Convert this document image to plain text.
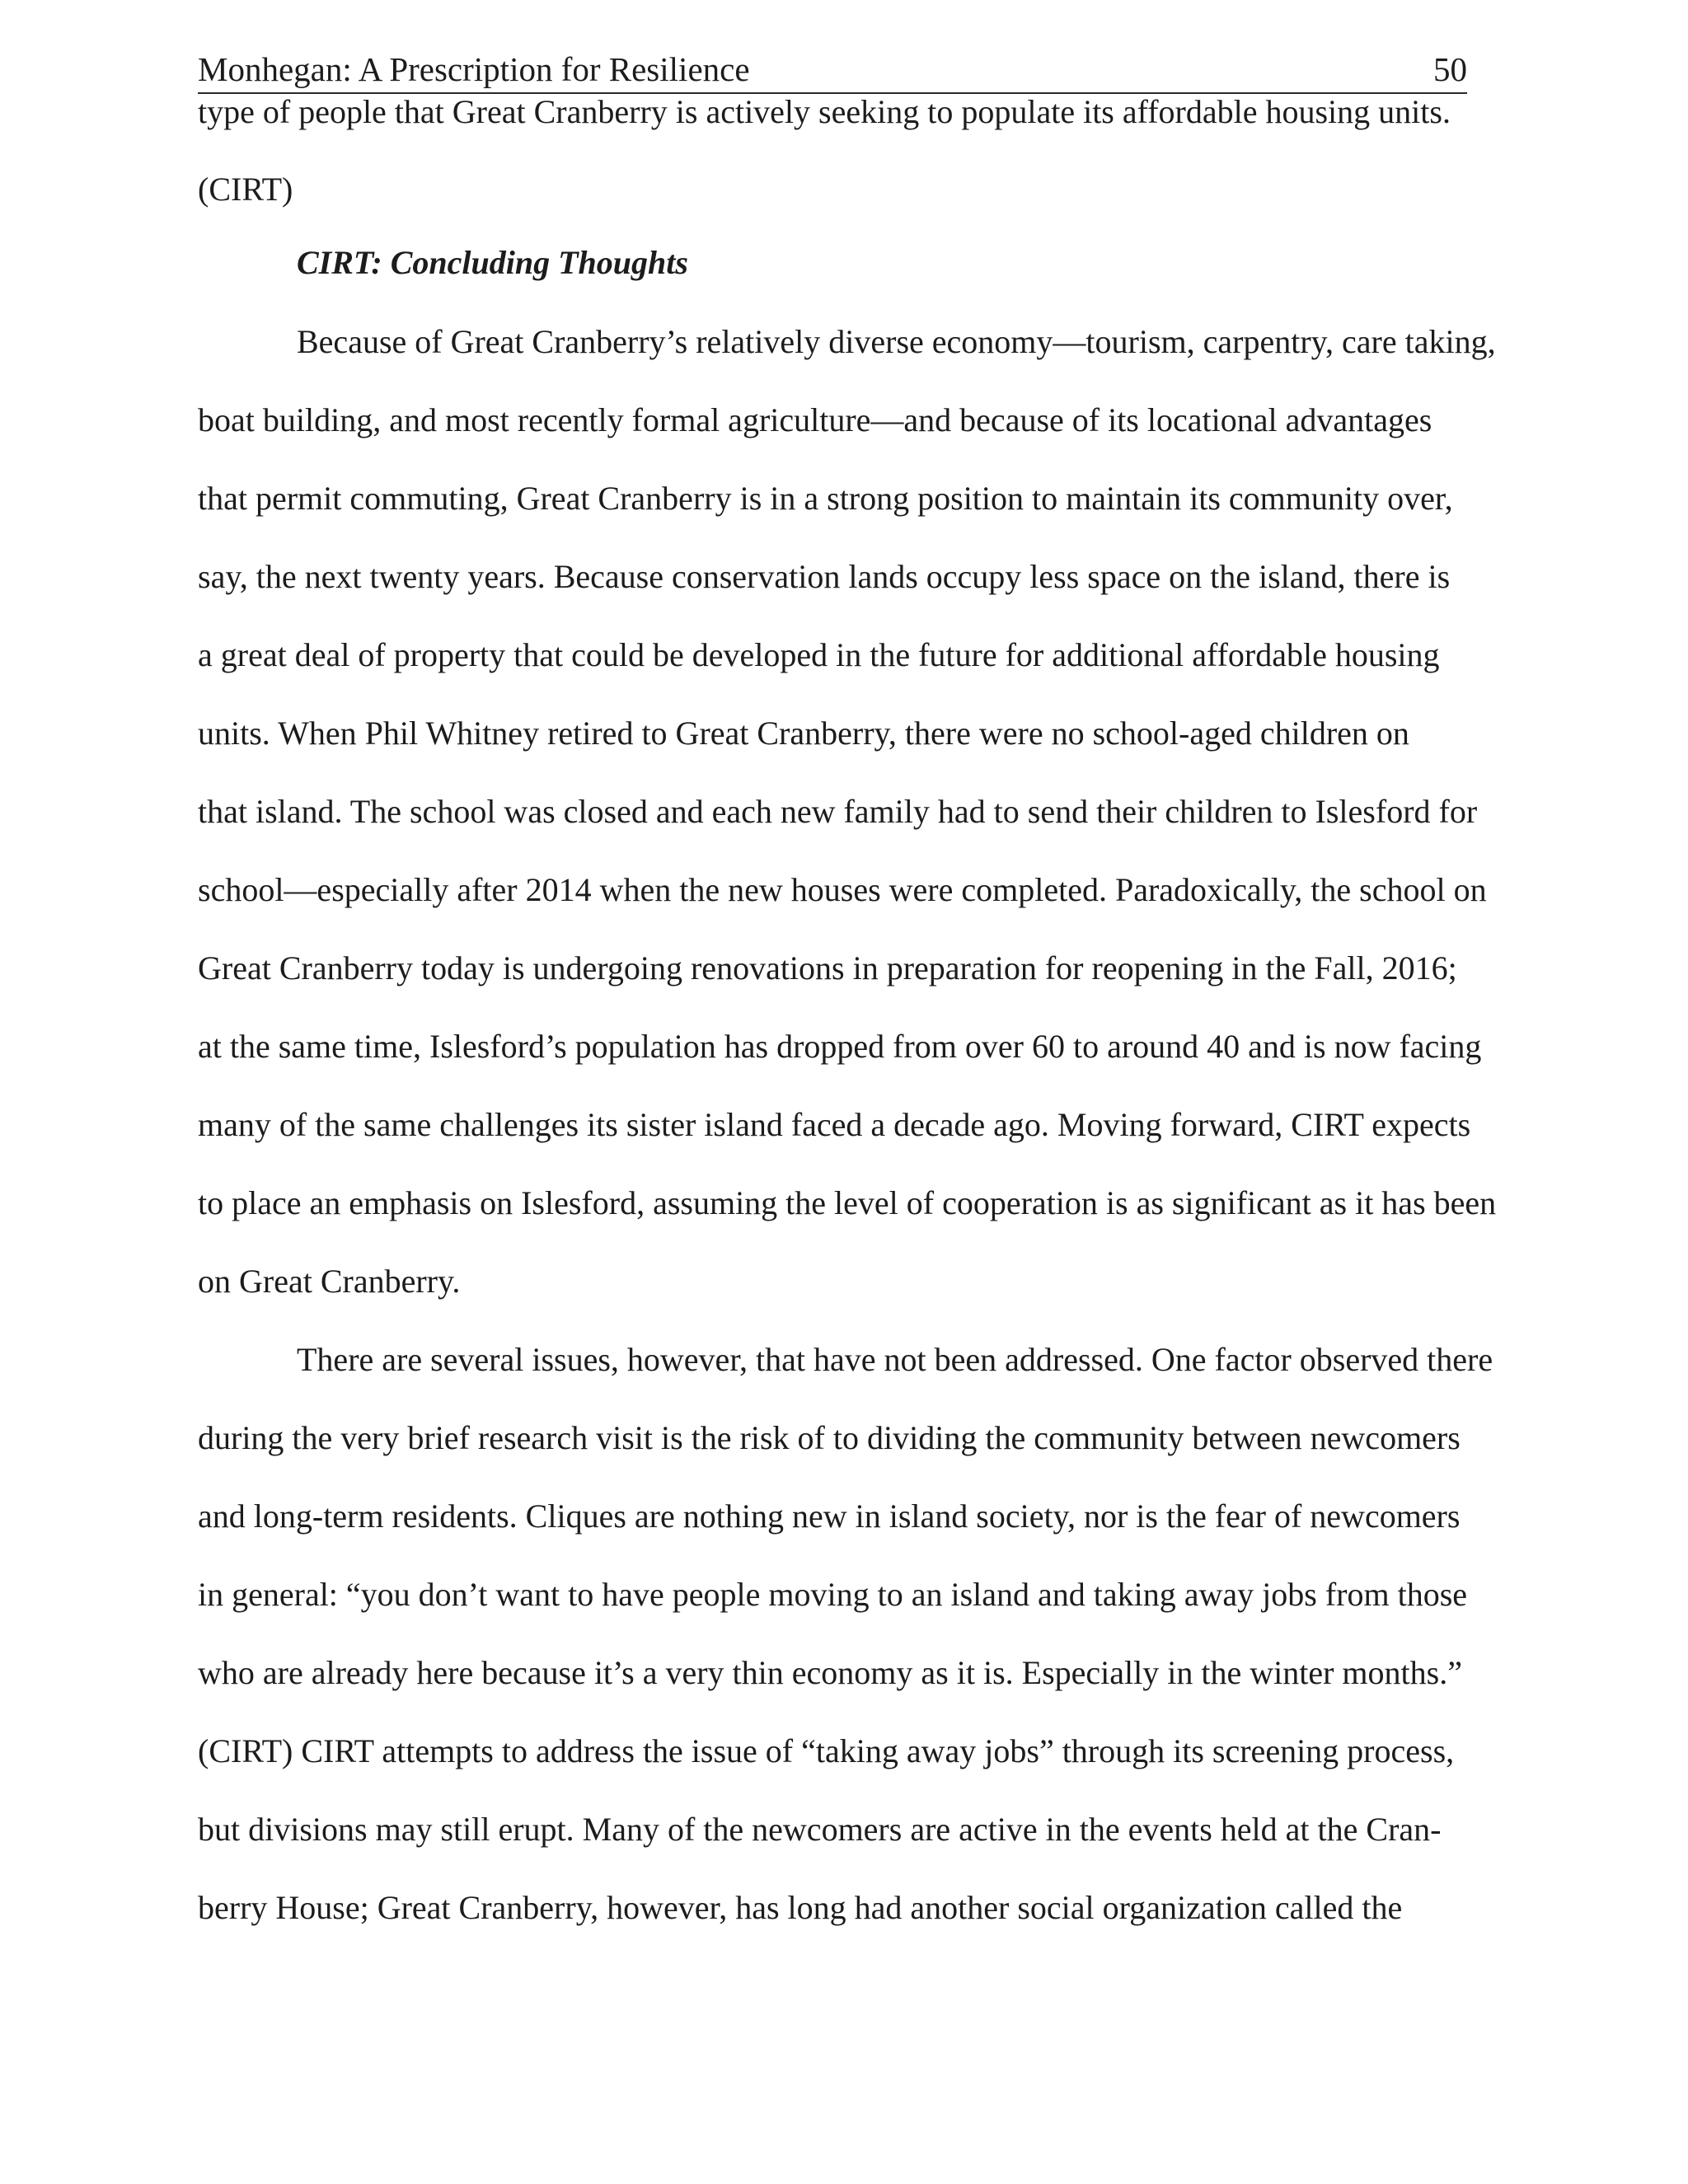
Monhegan: A Prescription for Resilience	50
type of people that Great Cranberry is actively seeking to populate its affordable housing units.
(CIRT)
CIRT: Concluding Thoughts
Because of Great Cranberry’s relatively diverse economy—tourism, carpentry, care taking,
boat building, and most recently formal agriculture—and because of its locational advantages
that permit commuting, Great Cranberry is in a strong position to maintain its community over,
say, the next twenty years. Because conservation lands occupy less space on the island, there is
a great deal of property that could be developed in the future for additional affordable housing
units. When Phil Whitney retired to Great Cranberry, there were no school-aged children on
that island. The school was closed and each new family had to send their children to Islesford for
school—especially after 2014 when the new houses were completed. Paradoxically, the school on
Great Cranberry today is undergoing renovations in preparation for reopening in the Fall, 2016;
at the same time, Islesford’s population has dropped from over 60 to around 40 and is now facing
many of the same challenges its sister island faced a decade ago. Moving forward, CIRT expects
to place an emphasis on Islesford, assuming the level of cooperation is as significant as it has been
on Great Cranberry.
There are several issues, however, that have not been addressed. One factor observed there
during the very brief research visit is the risk of to dividing the community between newcomers
and long-term residents. Cliques are nothing new in island society, nor is the fear of newcomers
in general: “you don’t want to have people moving to an island and taking away jobs from those
who are already here because it’s a very thin economy as it is. Especially in the winter months.”
(CIRT) CIRT attempts to address the issue of “taking away jobs” through its screening process,
but divisions may still erupt. Many of the newcomers are active in the events held at the Cran-
berry House; Great Cranberry, however, has long had another social organization called the
